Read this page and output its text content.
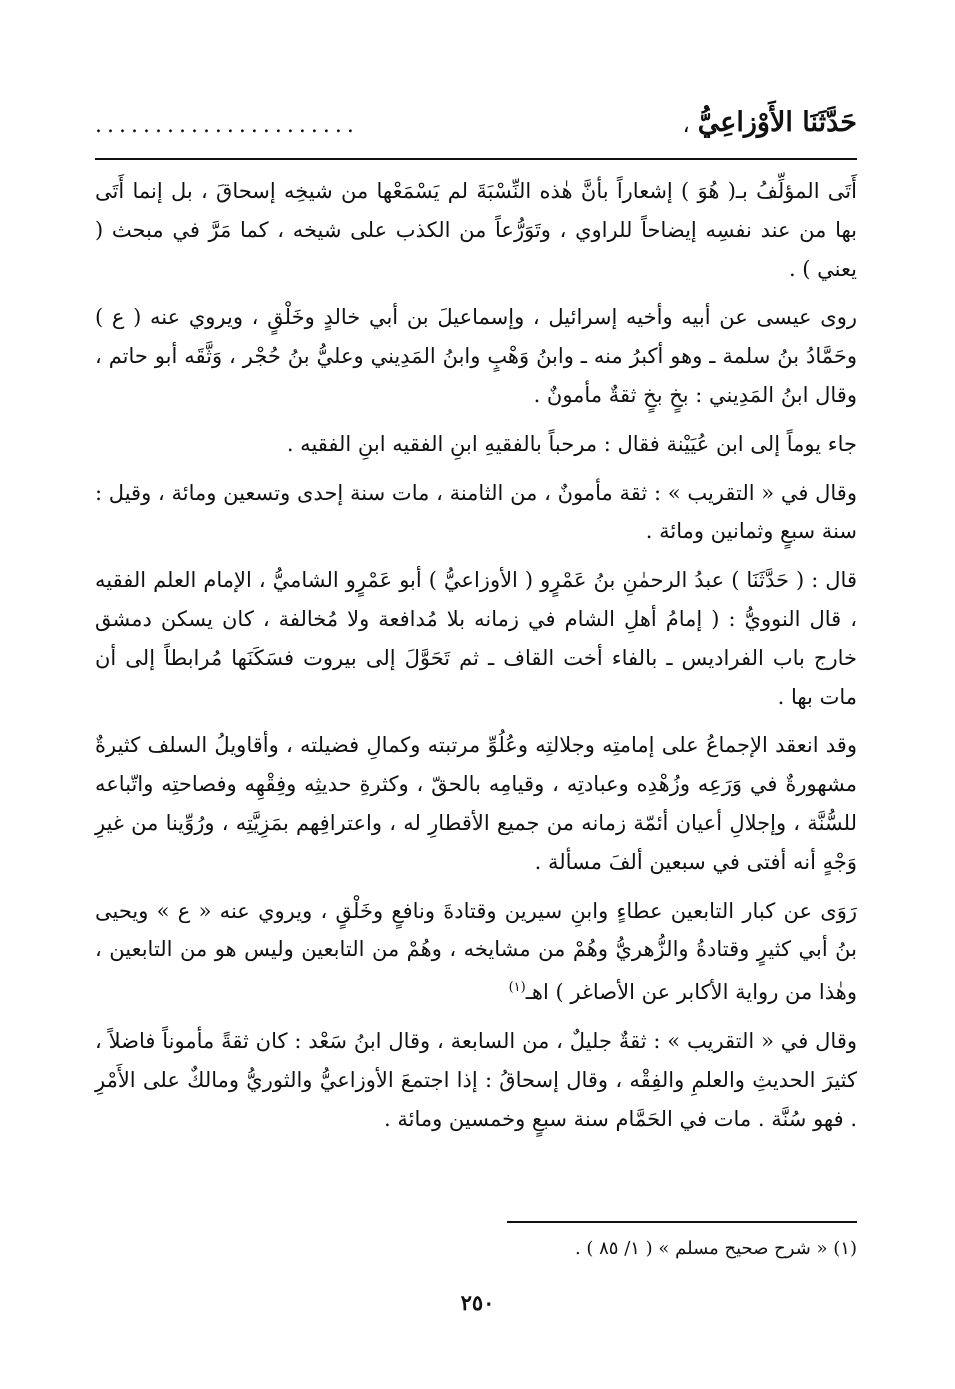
حَدَّثَنَا الأَوْزاعِيُّ
،
......................

أَتَى المؤلِّفُ بـ( هُوَ ) إشعاراً بأنَّ هٰذه النِّسْبَةَ لم يَسْمَعْها من شيخِه إسحاقَ ، بل إنما أَتَى بها من عند نفسِه إيضاحاً للراوي ، وتَوَرُّعاً من الكذب على شيخه ، كما مَرَّ في مبحث ( يعني ) .

روى عيسى عن أبيه وأخيه إسرائيل ، وإسماعيلَ بن أبي خالدٍ وخَلْقٍ ، ويروي عنه ( ع ) وحَمَّادُ بنُ سلمة ـ وهو أكبرُ منه ـ وابنُ وَهْبٍ وابنُ المَدِيني وعليُّ بنُ حُجْر ، وَثَّقَه أبو حاتم ، وقال ابنُ المَدِيني : بخٍ بخٍ ثقةٌ مأمونٌ .

جاء يوماً إلى ابن عُيَيْنة فقال : مرحباً بالفقيهِ ابنِ الفقيه ابنِ الفقيه .

وقال في « التقريب » : ثقة مأمونٌ ، من الثامنة ، مات سنة إحدى وتسعين ومائة ، وقيل : سنة سبعٍ وثمانين ومائة .

قال : ( حَدَّثَنَا ) عبدُ الرحمٰنِ بنُ عَمْرٍو ( الأوزاعيُّ ) أبو عَمْرٍو الشاميُّ ، الإمام العلم الفقيه ، قال النوويُّ : ( إمامُ أهلِ الشام في زمانه بلا مُدافعة ولا مُخالفة ، كان يسكن دمشق خارج باب الفراديس ـ بالفاء أخت القاف ـ ثم تَحَوَّلَ إلى بيروت فسَكَنَها مُرابطاً إلى أن مات بها .

وقد انعقد الإجماعُ على إمامتِه وجلالتِه وعُلُوِّ مرتبته وكمالِ فضيلته ، وأقاويلُ السلف كثيرةٌ مشهورةٌ في وَرَعِه وزُهْدِه وعبادتِه ، وقيامِه بالحقّ ، وكثرةِ حديثِه وفِقْهِه وفصاحتِه واتّباعه للسُّنَّة ، وإجلالِ أعيان أئمّة زمانه من جميع الأقطارِ له ، واعترافِهم بمَزِيَّتِه ، ورُوِّينا من غيرِ وَجْهٍ أنه أفتى في سبعين ألفَ مسألة .

رَوَى عن كبار التابعين عطاءٍ وابنِ سيرين وقتادةَ ونافعٍ وخَلْقٍ ، ويروي عنه « ع » ويحيى بنُ أبي كثيرٍ وقتادةُ والزُّهريُّ وهُمْ من مشايخه ، وهُمْ من التابعين وليس هو من التابعين ، وهٰذا من رواية الأكابر عن الأصاغر ) اهـ$^{(١)}$

وقال في « التقريب » : ثقةٌ جليلٌ ، من السابعة ، وقال ابنُ سَعْد : كان ثقةً مأموناً فاضلاً ، كثيرَ الحديثِ والعلمِ والفِقْه ، وقال إسحاقُ : إذا اجتمعَ الأوزاعيُّ والثوريُّ ومالكٌ على الأَمْرِ . فهو سُنَّة . مات في الحَمَّام سنة سبعٍ وخمسين ومائة .

(١) « شرح صحيح مسلم » ( ١/ ٨٥ ) .
٢٥٠
